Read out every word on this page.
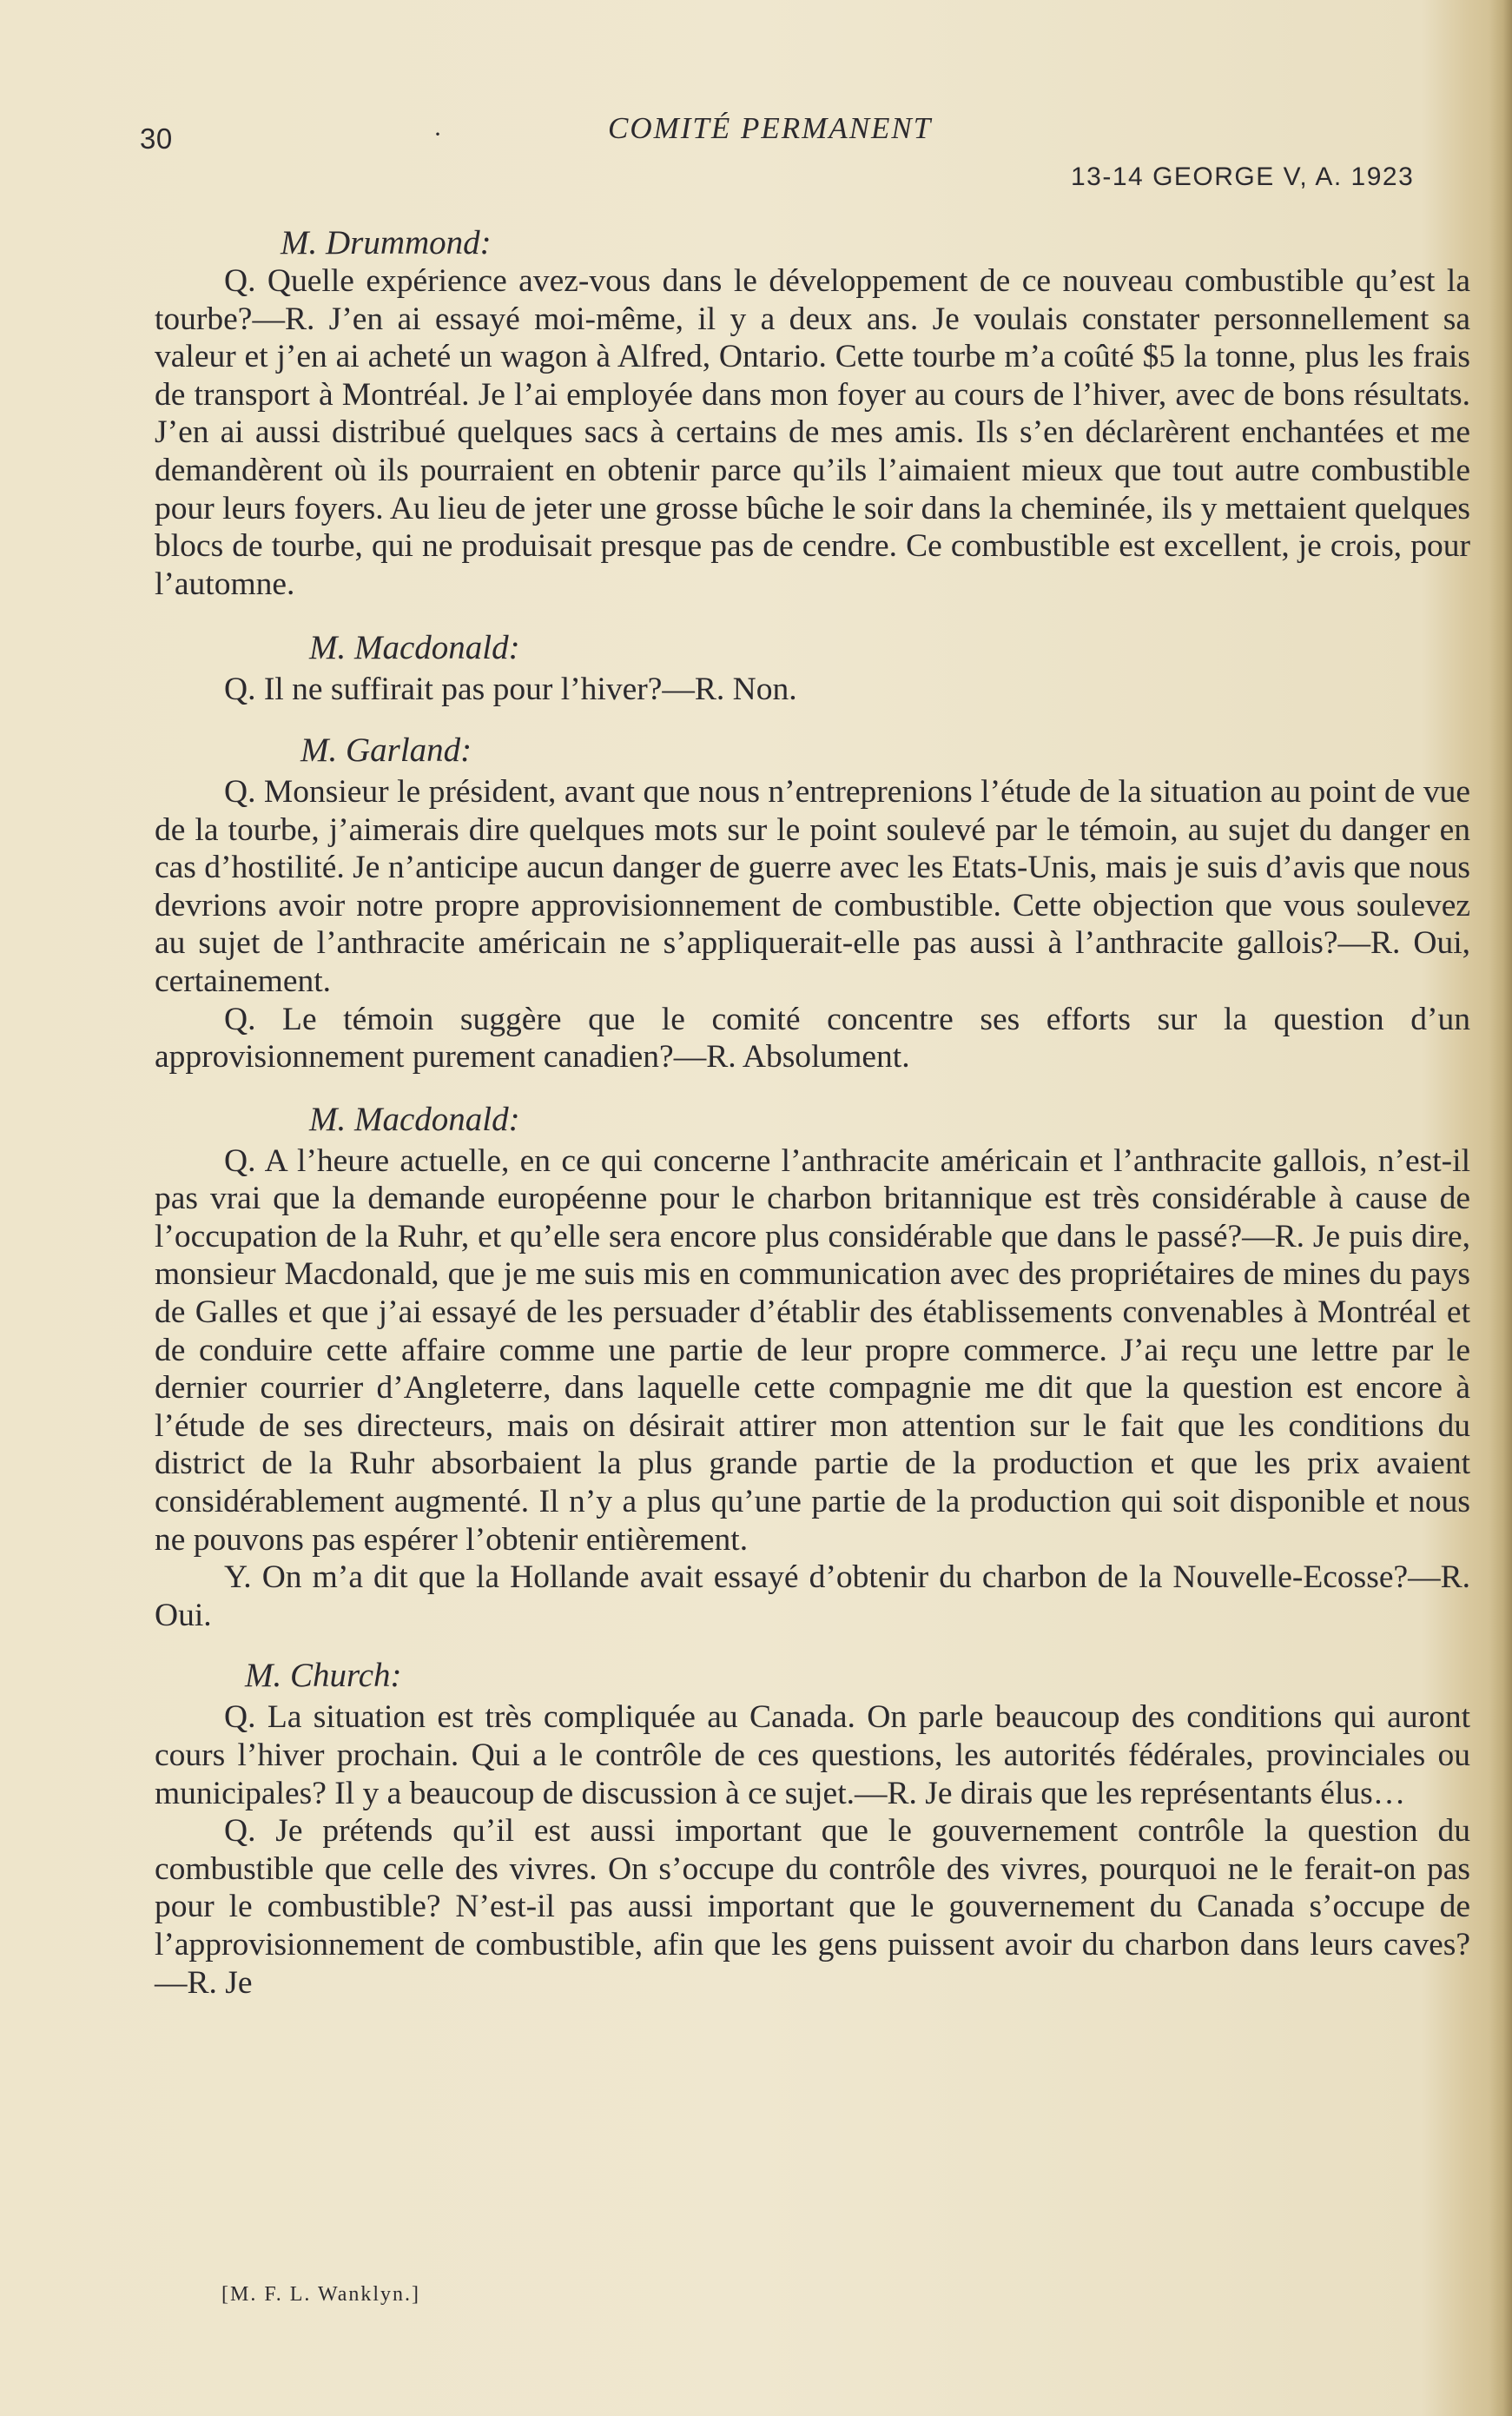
30	·	COMITÉ PERMANENT
13-14 GEORGE V, A. 1923

M. Drummond:

Q. Quelle expérience avez-vous dans le développement de ce nouveau combustible qu’est la tourbe?—R. J’en ai essayé moi-même, il y a deux ans. Je voulais constater personnellement sa valeur et j’en ai acheté un wagon à Alfred, Ontario. Cette tourbe m’a coûté $5 la tonne, plus les frais de transport à Montréal. Je l’ai employée dans mon foyer au cours de l’hiver, avec de bons résultats. J’en ai aussi distribué quelques sacs à certains de mes amis. Ils s’en déclarèrent enchantées et me demandèrent où ils pourraient en obtenir parce qu’ils l’aimaient mieux que tout autre combustible pour leurs foyers. Au lieu de jeter une grosse bûche le soir dans la cheminée, ils y mettaient quelques blocs de tourbe, qui ne produisait presque pas de cendre. Ce combustible est excellent, je crois, pour l’automne.

M. Macdonald:

Q. Il ne suffirait pas pour l’hiver?—R. Non.

M. Garland:

Q. Monsieur le président, avant que nous n’entreprenions l’étude de la situation au point de vue de la tourbe, j’aimerais dire quelques mots sur le point soulevé par le témoin, au sujet du danger en cas d’hostilité. Je n’anticipe aucun danger de guerre avec les Etats-Unis, mais je suis d’avis que nous devrions avoir notre propre approvisionnement de combustible. Cette objection que vous soulevez au sujet de l’anthracite américain ne s’appliquerait-elle pas aussi à l’anthracite gallois?—R. Oui, certainement.

Q. Le témoin suggère que le comité concentre ses efforts sur la question d’un approvisionnement purement canadien?—R. Absolument.

M. Macdonald:

Q. A l’heure actuelle, en ce qui concerne l’anthracite américain et l’anthracite gallois, n’est-il pas vrai que la demande européenne pour le charbon britannique est très considérable à cause de l’occupation de la Ruhr, et qu’elle sera encore plus considérable que dans le passé?—R. Je puis dire, monsieur Macdonald, que je me suis mis en communication avec des propriétaires de mines du pays de Galles et que j’ai essayé de les persuader d’établir des établissements convenables à Montréal et de conduire cette affaire comme une partie de leur propre commerce. J’ai reçu une lettre par le dernier courrier d’Angleterre, dans laquelle cette compagnie me dit que la question est encore à l’étude de ses directeurs, mais on désirait attirer mon attention sur le fait que les conditions du district de la Ruhr absorbaient la plus grande partie de la production et que les prix avaient considérablement augmenté. Il n’y a plus qu’une partie de la production qui soit disponible et nous ne pouvons pas espérer l’obtenir entièrement.

Y. On m’a dit que la Hollande avait essayé d’obtenir du charbon de la Nouvelle-Ecosse?—R. Oui.

M. Church:

Q. La situation est très compliquée au Canada. On parle beaucoup des conditions qui auront cours l’hiver prochain. Qui a le contrôle de ces questions, les autorités fédérales, provinciales ou municipales? Il y a beaucoup de discussion à ce sujet.—R. Je dirais que les représentants élus…

Q. Je prétends qu’il est aussi important que le gouvernement contrôle la question du combustible que celle des vivres. On s’occupe du contrôle des vivres, pourquoi ne le ferait-on pas pour le combustible? N’est-il pas aussi important que le gouvernement du Canada s’occupe de l’approvisionnement de combustible, afin que les gens puissent avoir du charbon dans leurs caves?—R. Je

[M. F. L. Wanklyn.]
